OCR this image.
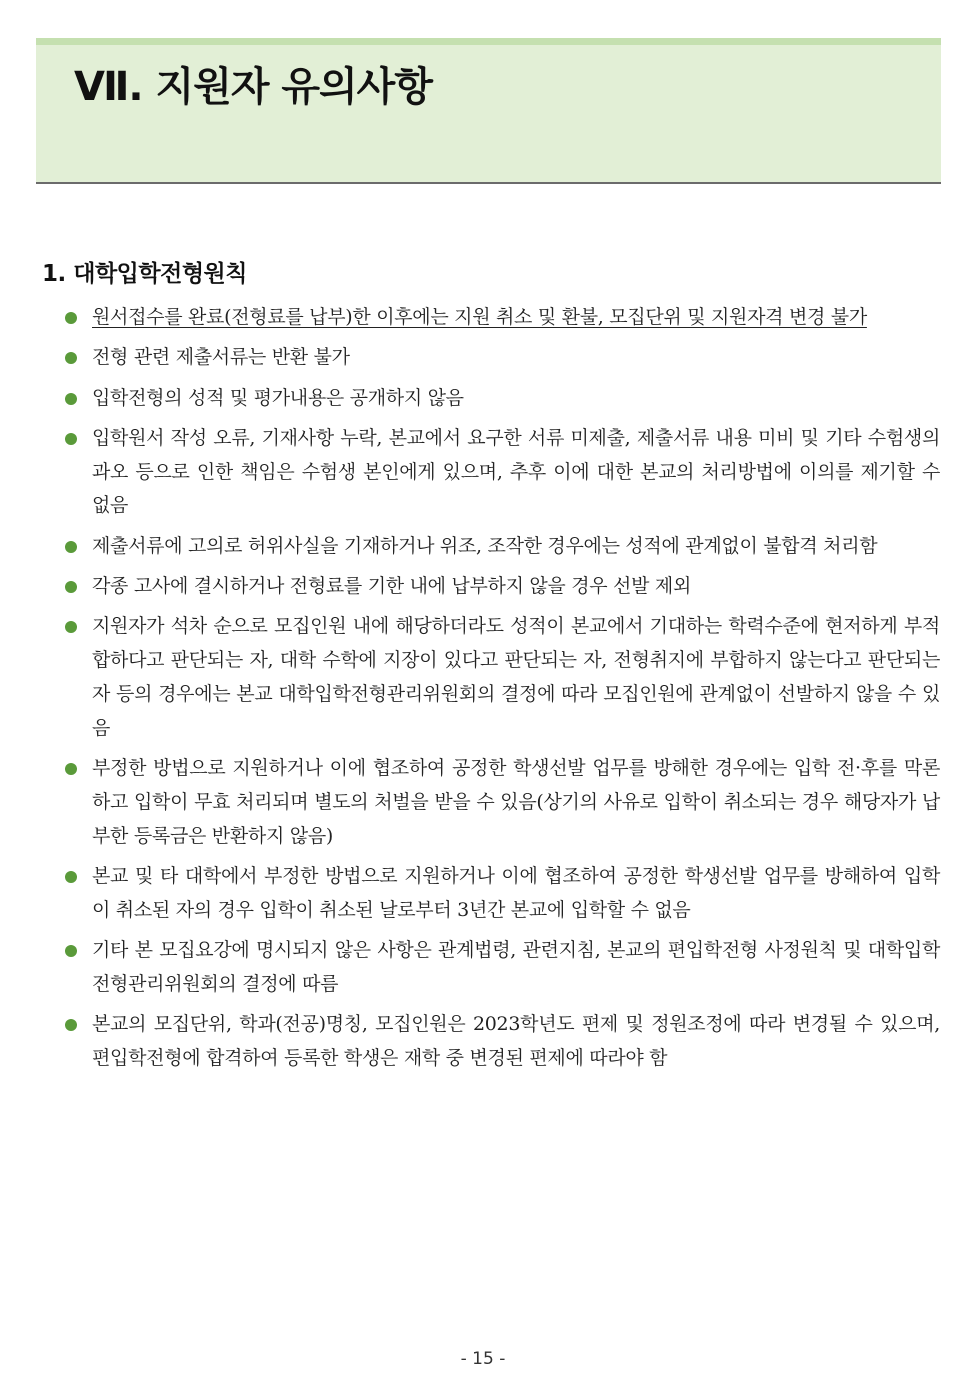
Ⅶ. 지원자 유의사항
1. 대학입학전형원칙
원서접수를 완료(전형료를 납부)한 이후에는 지원 취소 및 환불, 모집단위 및 지원자격 변경 불가
전형 관련 제출서류는 반환 불가
입학전형의 성적 및 평가내용은 공개하지 않음
입학원서 작성 오류, 기재사항 누락, 본교에서 요구한 서류 미제출, 제출서류 내용 미비 및 기타 수험생의 과오 등으로 인한 책임은 수험생 본인에게 있으며, 추후 이에 대한 본교의 처리방법에 이의를 제기할 수 없음
제출서류에 고의로 허위사실을 기재하거나 위조, 조작한 경우에는 성적에 관계없이 불합격 처리함
각종 고사에 결시하거나 전형료를 기한 내에 납부하지 않을 경우 선발 제외
지원자가 석차 순으로 모집인원 내에 해당하더라도 성적이 본교에서 기대하는 학력수준에 현저하게 부적합하다고 판단되는 자, 대학 수학에 지장이 있다고 판단되는 자, 전형취지에 부합하지 않는다고 판단되는 자 등의 경우에는 본교 대학입학전형관리위원회의 결정에 따라 모집인원에 관계없이 선발하지 않을 수 있음
부정한 방법으로 지원하거나 이에 협조하여 공정한 학생선발 업무를 방해한 경우에는 입학 전·후를 막론하고 입학이 무효 처리되며 별도의 처벌을 받을 수 있음(상기의 사유로 입학이 취소되는 경우 해당자가 납부한 등록금은 반환하지 않음)
본교 및 타 대학에서 부정한 방법으로 지원하거나 이에 협조하여 공정한 학생선발 업무를 방해하여 입학이 취소된 자의 경우 입학이 취소된 날로부터 3년간 본교에 입학할 수 없음
기타 본 모집요강에 명시되지 않은 사항은 관계법령, 관련지침, 본교의 편입학전형 사정원칙 및 대학입학전형관리위원회의 결정에 따름
본교의 모집단위, 학과(전공)명칭, 모집인원은 2023학년도 편제 및 정원조정에 따라 변경될 수 있으며, 편입학전형에 합격하여 등록한 학생은 재학 중 변경된 편제에 따라야 함

- 15 -
